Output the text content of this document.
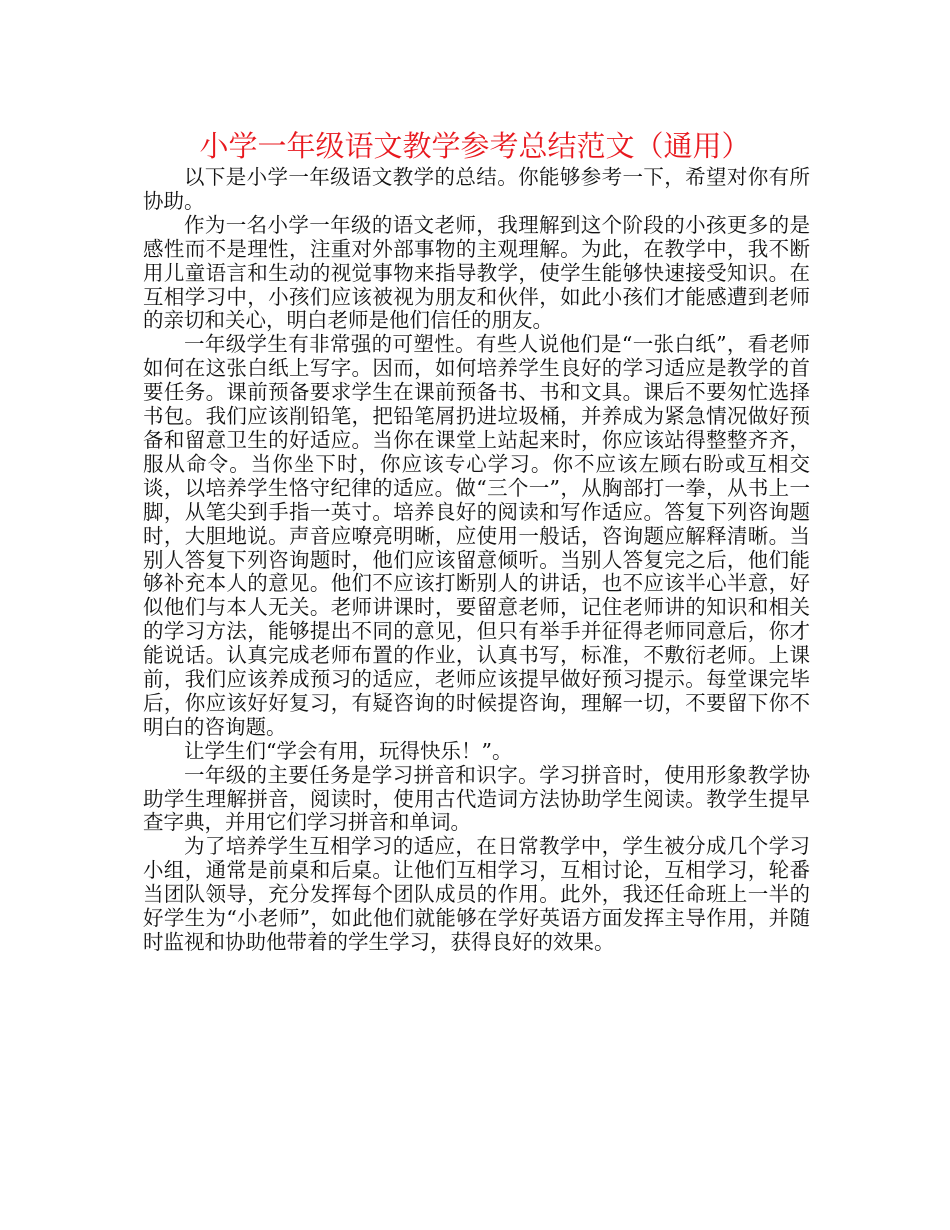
小学一年级语文教学参考总结范文（通用）

以下是小学一年级语文教学的总结。你能够参考一下，希望对你有所协助。

作为一名小学一年级的语文老师，我理解到这个阶段的小孩更多的是感性而不是理性，注重对外部事物的主观理解。为此，在教学中，我不断用儿童语言和生动的视觉事物来指导教学，使学生能够快速接受知识。在互相学习中，小孩们应该被视为朋友和伙伴，如此小孩们才能感遭到老师的亲切和关心，明白老师是他们信任的朋友。

一年级学生有非常强的可塑性。有些人说他们是“一张白纸”，看老师如何在这张白纸上写字。因而，如何培养学生良好的学习适应是教学的首要任务。课前预备要求学生在课前预备书、书和文具。课后不要匆忙选择书包。我们应该削铅笔，把铅笔屑扔进垃圾桶，并养成为紧急情况做好预备和留意卫生的好适应。当你在课堂上站起来时，你应该站得整整齐齐，服从命令。当你坐下时，你应该专心学习。你不应该左顾右盼或互相交谈，以培养学生恪守纪律的适应。做“三个一”，从胸部打一拳，从书上一脚，从笔尖到手指一英寸。培养良好的阅读和写作适应。答复下列咨询题时，大胆地说。声音应嘹亮明晰，应使用一般话，咨询题应解释清晰。当别人答复下列咨询题时，他们应该留意倾听。当别人答复完之后，他们能够补充本人的意见。他们不应该打断别人的讲话，也不应该半心半意，好似他们与本人无关。老师讲课时，要留意老师，记住老师讲的知识和相关的学习方法，能够提出不同的意见，但只有举手并征得老师同意后，你才能说话。认真完成老师布置的作业，认真书写，标准，不敷衍老师。上课前，我们应该养成预习的适应，老师应该提早做好预习提示。每堂课完毕后，你应该好好复习，有疑咨询的时候提咨询，理解一切，不要留下你不明白的咨询题。

让学生们“学会有用，玩得快乐！”。

一年级的主要任务是学习拼音和识字。学习拼音时，使用形象教学协助学生理解拼音，阅读时，使用古代造词方法协助学生阅读。教学生提早查字典，并用它们学习拼音和单词。

为了培养学生互相学习的适应，在日常教学中，学生被分成几个学习小组，通常是前桌和后桌。让他们互相学习，互相讨论，互相学习，轮番当团队领导，充分发挥每个团队成员的作用。此外，我还任命班上一半的好学生为“小老师”，如此他们就能够在学好英语方面发挥主导作用，并随时监视和协助他带着的学生学习，获得良好的效果。
